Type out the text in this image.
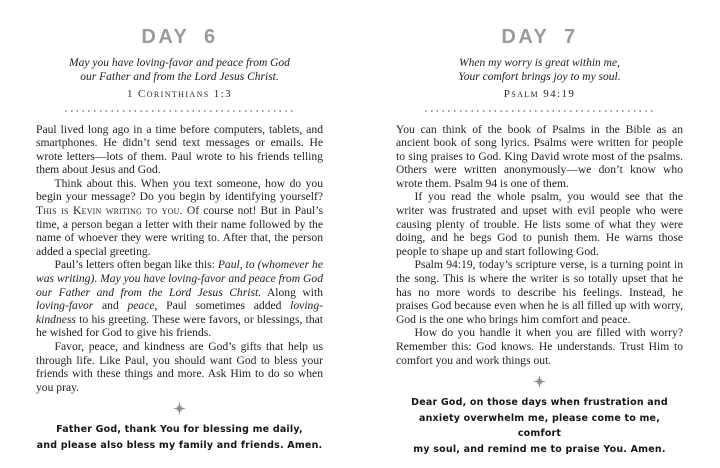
DAY 6
May you have loving-favor and peace from God
our Father and from the Lord Jesus Christ.
1 Corinthians 1:3

Paul lived long ago in a time before computers, tablets, and smartphones. He didn’t send text messages or emails. He wrote letters—lots of them. Paul wrote to his friends telling them about Jesus and God.

Think about this. When you text someone, how do you begin your message? Do you begin by identifying yourself? This is Kevin writing to you. Of course not! But in Paul’s time, a person began a letter with their name followed by the name of whoever they were writing to. After that, the person added a special greeting.

Paul’s letters often began like this: Paul, to (whomever he was writing). May you have loving-favor and peace from God our Father and from the Lord Jesus Christ. Along with loving-favor and peace, Paul sometimes added loving-kindness to his greeting. These were favors, or blessings, that he wished for God to give his friends.

Favor, peace, and kindness are God’s gifts that help us through life. Like Paul, you should want God to bless your friends with these things and more. Ask Him to do so when you pray.

Father God, thank You for blessing me daily,
and please also bless my family and friends. Amen.
DAY 7
When my worry is great within me,
Your comfort brings joy to my soul.
Psalm 94:19

You can think of the book of Psalms in the Bible as an ancient book of song lyrics. Psalms were written for people to sing praises to God. King David wrote most of the psalms. Others were written anonymously—we don’t know who wrote them. Psalm 94 is one of them.

If you read the whole psalm, you would see that the writer was frustrated and upset with evil people who were causing plenty of trouble. He lists some of what they were doing, and he begs God to punish them. He warns those people to shape up and start following God.

Psalm 94:19, today’s scripture verse, is a turning point in the song. This is where the writer is so totally upset that he has no more words to describe his feelings. Instead, he praises God because even when he is all filled up with worry, God is the one who brings him comfort and peace.

How do you handle it when you are filled with worry? Remember this: God knows. He understands. Trust Him to comfort you and work things out.

Dear God, on those days when frustration and
anxiety overwhelm me, please come to me, comfort
my soul, and remind me to praise You. Amen.
